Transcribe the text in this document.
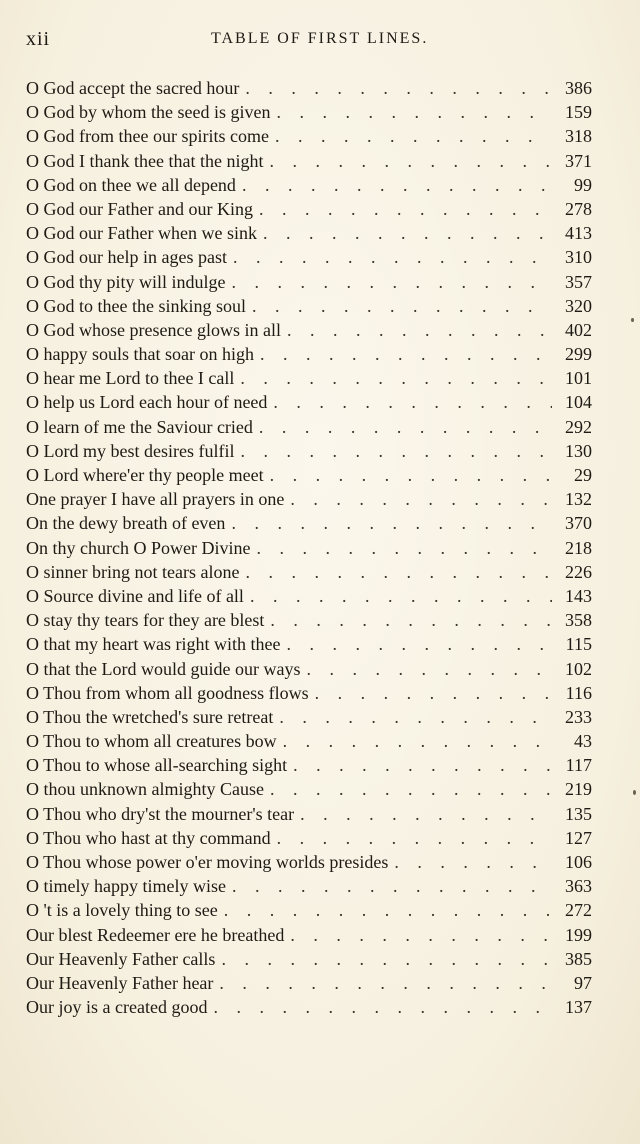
xii	TABLE OF FIRST LINES.
O God accept the sacred hour . . .	386
O God by whom the seed is given . . .	159
O God from thee our spirits come . . .	318
O God I thank thee that the night . . .	371
O God on thee we all depend . . .	99
O God our Father and our King . . .	278
O God our Father when we sink . . .	413
O God our help in ages past . . .	310
O God thy pity will indulge . . .	357
O God to thee the sinking soul . . .	320
O God whose presence glows in all . . .	402
O happy souls that soar on high . . .	299
O hear me Lord to thee I call . . .	101
O help us Lord each hour of need . . .	104
O learn of me the Saviour cried . . .	292
O Lord my best desires fulfil . . .	130
O Lord where'er thy people meet . . .	29
One prayer I have all prayers in one . . .	132
On the dewy breath of even . . .	370
On thy church O Power Divine . . .	218
O sinner bring not tears alone . . .	226
O Source divine and life of all . . .	143
O stay thy tears for they are blest . . .	358
O that my heart was right with thee . . .	115
O that the Lord would guide our ways . . .	102
O Thou from whom all goodness flows . . .	116
O Thou the wretched's sure retreat . . .	233
O Thou to whom all creatures bow . . .	43
O Thou to whose all-searching sight . . .	117
O thou unknown almighty Cause . . .	219
O Thou who dry'st the mourner's tear . . .	135
O Thou who hast at thy command . . .	127
O Thou whose power o'er moving worlds presides . . .	106
O timely happy timely wise . . .	363
O 't is a lovely thing to see . . .	272
Our blest Redeemer ere he breathed . . .	199
Our Heavenly Father calls . . .	385
Our Heavenly Father hear . . .	97
Our joy is a created good . . .	137
